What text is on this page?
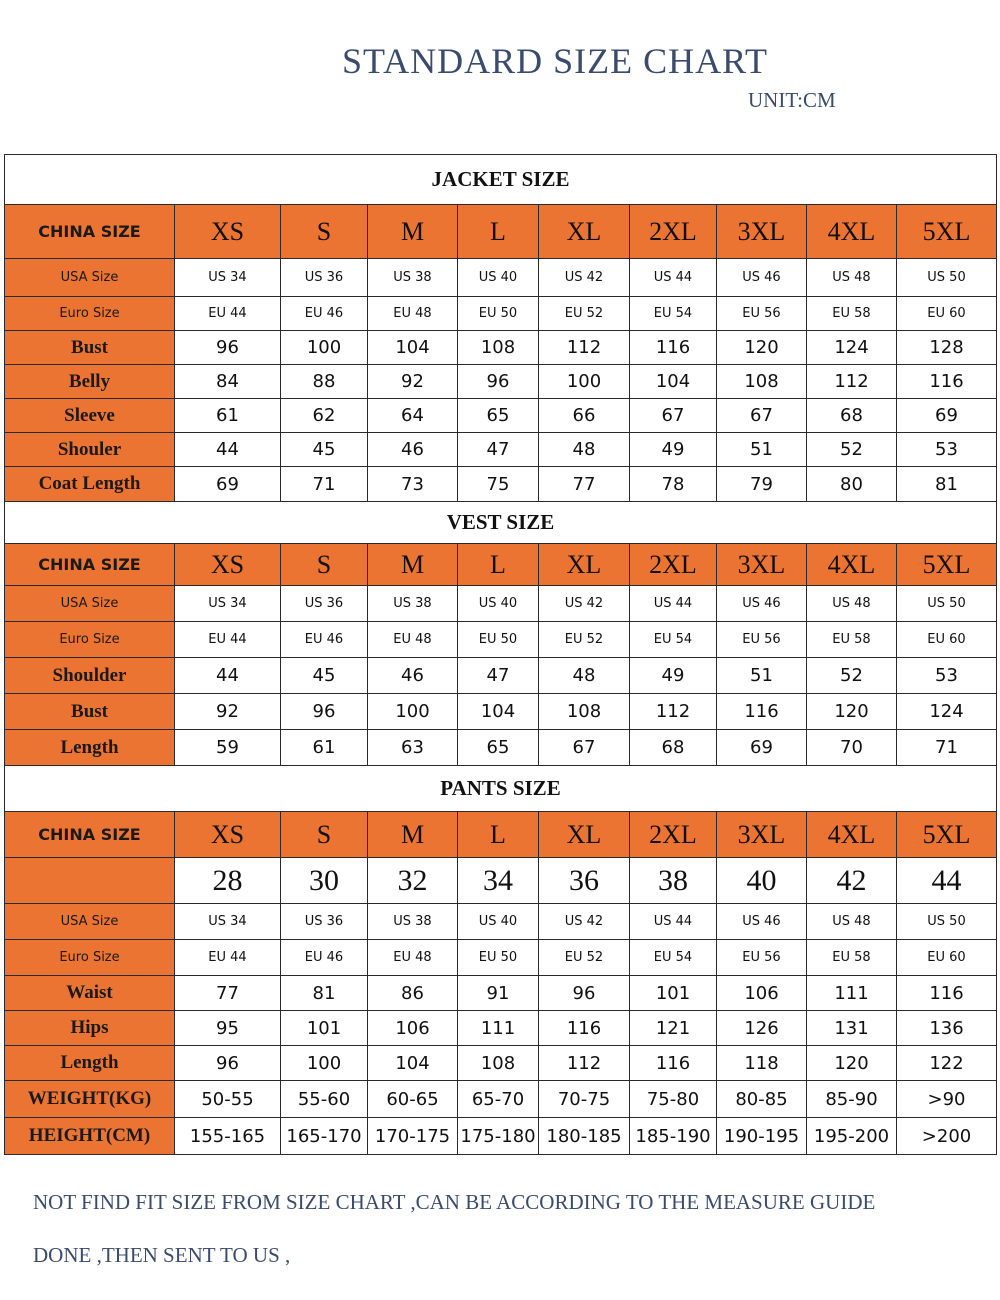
STANDARD SIZE CHART
UNIT:CM
JACKET SIZE									
CHINA SIZE	XS	S	M	L	XL	2XL	3XL	4XL	5XL
USA Size	US 34	US 36	US 38	US 40	US 42	US 44	US 46	US 48	US 50
Euro Size	EU 44	EU 46	EU 48	EU 50	EU 52	EU 54	EU 56	EU 58	EU 60
Bust	96	100	104	108	112	116	120	124	128
Belly	84	88	92	96	100	104	108	112	116
Sleeve	61	62	64	65	66	67	67	68	69
Shouler	44	45	46	47	48	49	51	52	53
Coat Length	69	71	73	75	77	78	79	80	81
VEST SIZE									
CHINA SIZE	XS	S	M	L	XL	2XL	3XL	4XL	5XL
USA Size	US 34	US 36	US 38	US 40	US 42	US 44	US 46	US 48	US 50
Euro Size	EU 44	EU 46	EU 48	EU 50	EU 52	EU 54	EU 56	EU 58	EU 60
Shoulder	44	45	46	47	48	49	51	52	53
Bust	92	96	100	104	108	112	116	120	124
Length	59	61	63	65	67	68	69	70	71
PANTS SIZE									
CHINA SIZE	XS	S	M	L	XL	2XL	3XL	4XL	5XL
	28	30	32	34	36	38	40	42	44
USA Size	US 34	US 36	US 38	US 40	US 42	US 44	US 46	US 48	US 50
Euro Size	EU 44	EU 46	EU 48	EU 50	EU 52	EU 54	EU 56	EU 58	EU 60
Waist	77	81	86	91	96	101	106	111	116
Hips	95	101	106	111	116	121	126	131	136
Length	96	100	104	108	112	116	118	120	122
WEIGHT(KG)	50-55	55-60	60-65	65-70	70-75	75-80	80-85	85-90	>90
HEIGHT(CM)	155-165	165-170	170-175	175-180	180-185	185-190	190-195	195-200	>200
NOT FIND FIT SIZE FROM SIZE CHART ,CAN BE ACCORDING TO THE MEASURE GUIDE
DONE ,THEN SENT TO US ,
